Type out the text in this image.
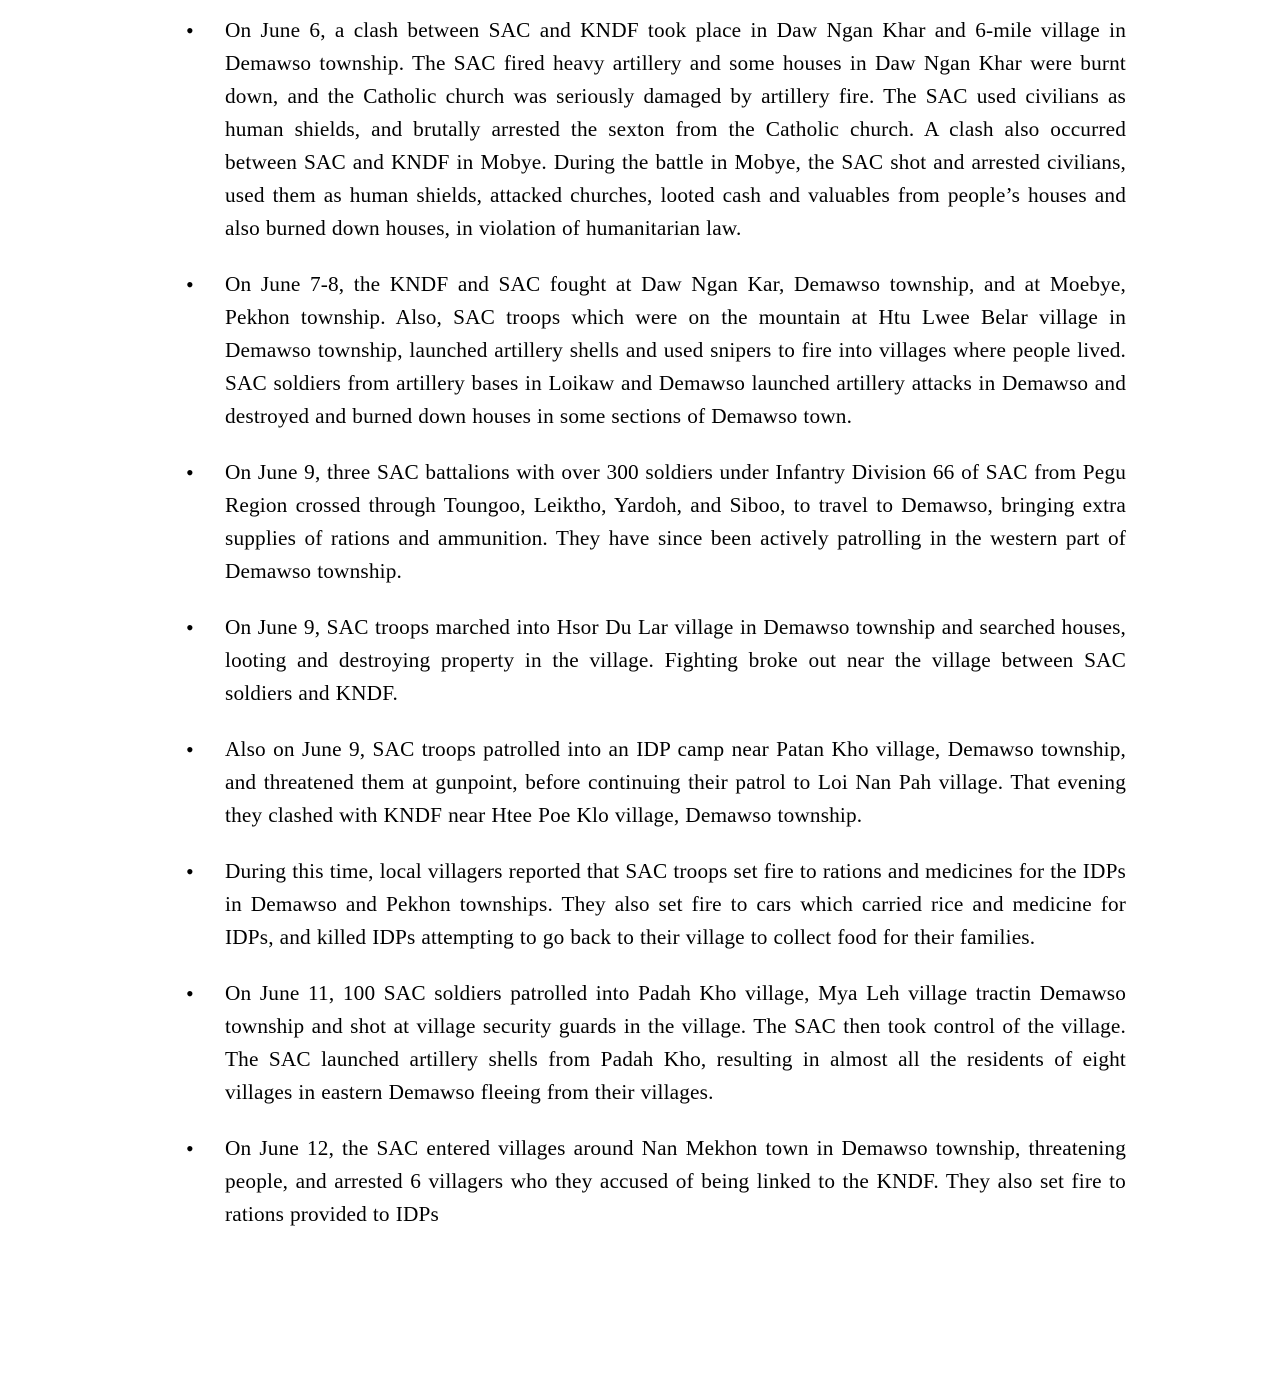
• On June 6, a clash between SAC and KNDF took place in Daw Ngan Khar and 6-mile village in Demawso township. The SAC fired heavy artillery and some houses in Daw Ngan Khar were burnt down, and the Catholic church was seriously damaged by artillery fire. The SAC used civilians as human shields, and brutally arrested the sexton from the Catholic church. A clash also occurred between SAC and KNDF in Mobye. During the battle in Mobye, the SAC shot and arrested civilians, used them as human shields, attacked churches, looted cash and valuables from people’s houses and also burned down houses, in violation of humanitarian law.
• On June 7-8, the KNDF and SAC fought at Daw Ngan Kar, Demawso township, and at Moebye, Pekhon township. Also, SAC troops which were on the mountain at Htu Lwee Belar village in Demawso township, launched artillery shells and used snipers to fire into villages where people lived. SAC soldiers from artillery bases in Loikaw and Demawso launched artillery attacks in Demawso and destroyed and burned down houses in some sections of Demawso town.
• On June 9, three SAC battalions with over 300 soldiers under Infantry Division 66 of SAC from Pegu Region crossed through Toungoo, Leiktho, Yardoh, and Siboo, to travel to Demawso, bringing extra supplies of rations and ammunition. They have since been actively patrolling in the western part of Demawso township.
• On June 9, SAC troops marched into Hsor Du Lar village in Demawso township and searched houses, looting and destroying property in the village. Fighting broke out near the village between SAC soldiers and KNDF.
• Also on June 9, SAC troops patrolled into an IDP camp near Patan Kho village, Demawso township, and threatened them at gunpoint, before continuing their patrol to Loi Nan Pah village. That evening they clashed with KNDF near Htee Poe Klo village, Demawso township.
• During this time, local villagers reported that SAC troops set fire to rations and medicines for the IDPs in Demawso and Pekhon townships. They also set fire to cars which carried rice and medicine for IDPs, and killed IDPs attempting to go back to their village to collect food for their families.
• On June 11, 100 SAC soldiers patrolled into Padah Kho village, Mya Leh village tractin Demawso township and shot at village security guards in the village. The SAC then took control of the village. The SAC launched artillery shells from Padah Kho, resulting in almost all the residents of eight villages in eastern Demawso fleeing from their villages.
• On June 12, the SAC entered villages around Nan Mekhon town in Demawso township, threatening people, and arrested 6 villagers who they accused of being linked to the KNDF. They also set fire to rations provided to IDPs
